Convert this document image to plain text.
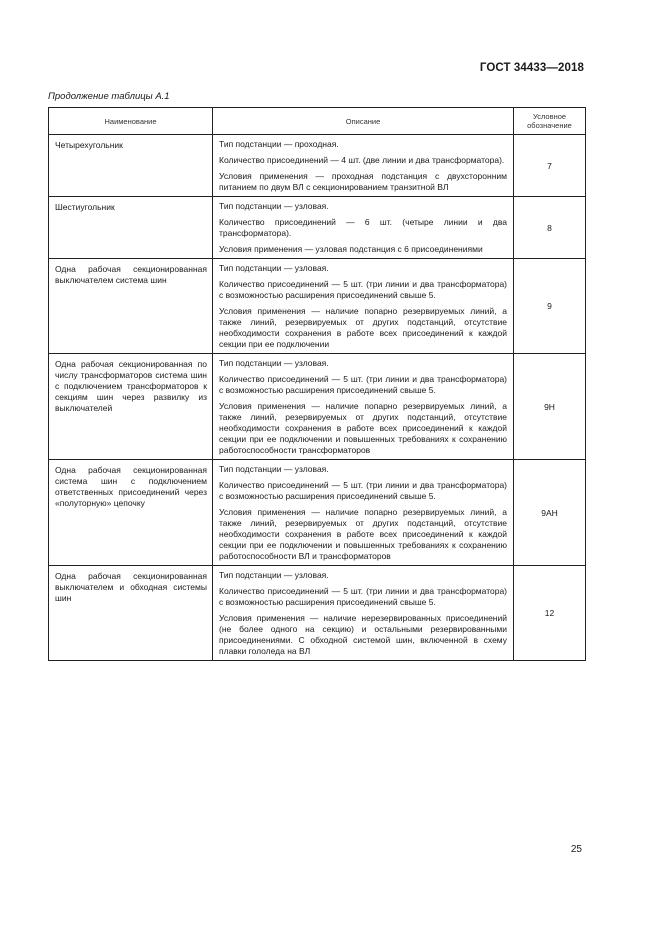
ГОСТ 34433—2018
Продолжение таблицы А.1
Наименование	Описание	Условное обозначение
Четырехугольник	Тип подстанции — проходная.

Количество присоединений — 4 шт. (две линии и два трансформатора).

Условия применения — проходная подстанция с двухсторонним питанием по двум ВЛ с секционированием транзитной ВЛ	7
Шестиугольник	Тип подстанции — узловая.

Количество присоединений — 6 шт. (четыре линии и два трансформатора).

Условия применения — узловая подстанция с 6 присоединениями	8
Одна рабочая секционированная выключателем система шин	Тип подстанции — узловая.

Количество присоединений — 5 шт. (три линии и два трансформатора) с возможностью расширения присоединений свыше 5.

Условия применения — наличие попарно резервируемых линий, а также линий, резервируемых от других подстанций, отсутствие необходимости сохранения в работе всех присоединений к каждой секции при ее подключении	9
Одна рабочая секционированная по числу трансформаторов система шин с подключением трансформаторов к секциям шин через развилку из выключателей	Тип подстанции — узловая.

Количество присоединений — 5 шт. (три линии и два трансформатора) с возможностью расширения присоединений свыше 5.

Условия применения — наличие попарно резервируемых линий, а также линий, резервируемых от других подстанций, отсутствие необходимости сохранения в работе всех присоединений к каждой секции при ее подключении и повышенных требованиях к сохранению работоспособности трансформаторов	9Н
Одна рабочая секционированная система шин с подключением ответственных присоединений через «полуторную» цепочку	Тип подстанции — узловая.

Количество присоединений — 5 шт. (три линии и два трансформатора) с возможностью расширения присоединений свыше 5.

Условия применения — наличие попарно резервируемых линий, а также линий, резервируемых от других подстанций, отсутствие необходимости сохранения в работе всех присоединений к каждой секции при ее подключении и повышенных требованиях к сохранению работоспособности ВЛ и трансформаторов	9АН
Одна рабочая секционированная выключателем и обходная системы шин	Тип подстанции — узловая.

Количество присоединений — 5 шт. (три линии и два трансформатора) с возможностью расширения присоединений свыше 5.

Условия применения — наличие нерезервированных присоединений (не более одного на секцию) и остальными резервированными присоединениями. С обходной системой шин, включенной в схему плавки гололеда на ВЛ	12
25
